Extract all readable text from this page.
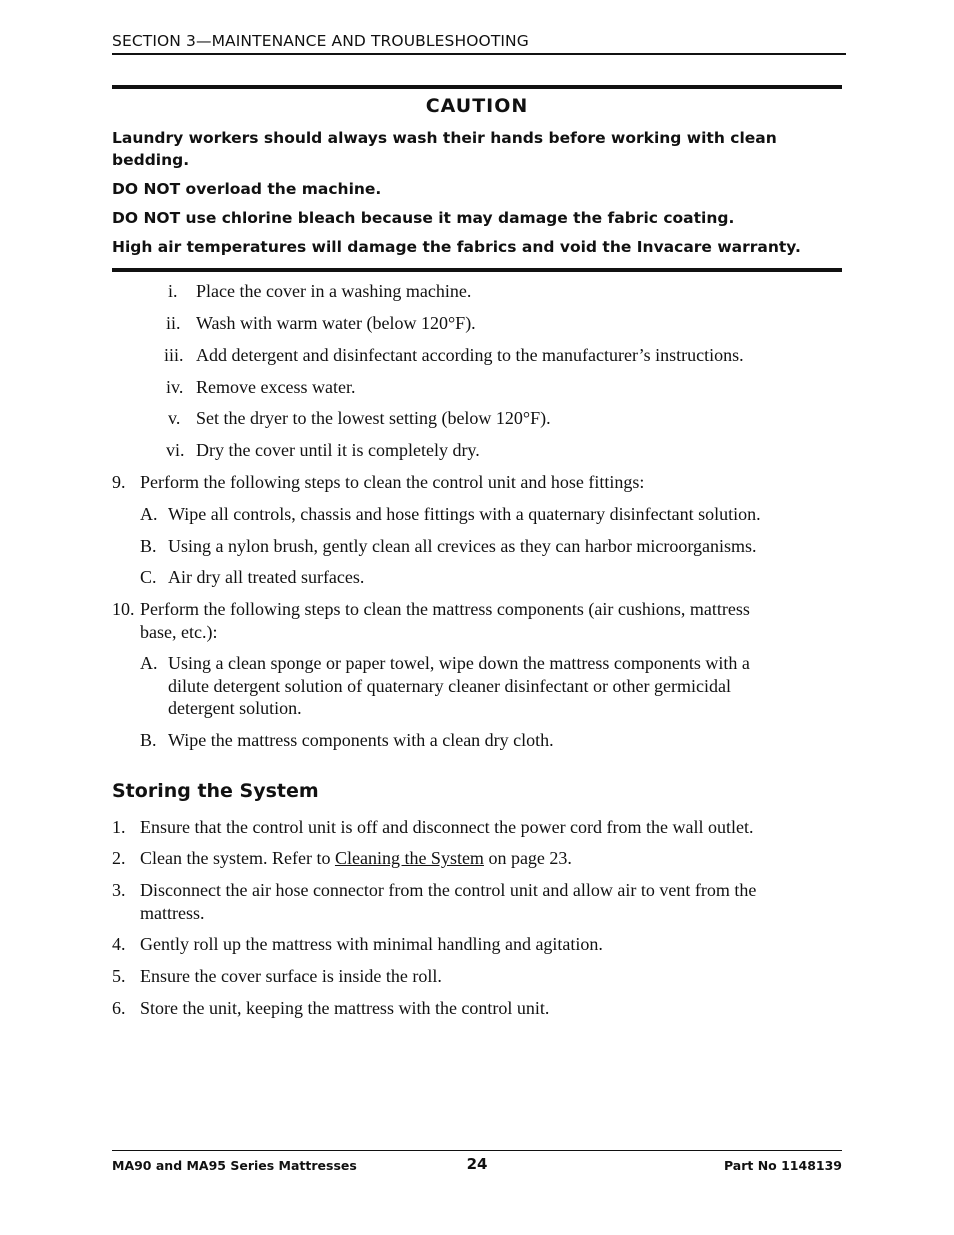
SECTION 3—MAINTENANCE AND TROUBLESHOOTING
CAUTION

Laundry workers should always wash their hands before working with clean bedding.

DO NOT overload the machine.

DO NOT use chlorine bleach because it may damage the fabric coating.

High air temperatures will damage the fabrics and void the Invacare warranty.

i. Place the cover in a washing machine.
ii. Wash with warm water (below 120°F).
iii. Add detergent and disinfectant according to the manufacturer’s instructions.
iv. Remove excess water.
v. Set the dryer to the lowest setting (below 120°F).
vi. Dry the cover until it is completely dry.
9. Perform the following steps to clean the control unit and hose fittings:
A. Wipe all controls, chassis and hose fittings with a quaternary disinfectant solution.
B. Using a nylon brush, gently clean all crevices as they can harbor microorganisms.
C. Air dry all treated surfaces.
10. Perform the following steps to clean the mattress components (air cushions, mattress
base, etc.):
A. Using a clean sponge or paper towel, wipe down the mattress components with a
dilute detergent solution of quaternary cleaner disinfectant or other germicidal
detergent solution.
B. Wipe the mattress components with a clean dry cloth.
Storing the System
1. Ensure that the control unit is off and disconnect the power cord from the wall outlet.
2. Clean the system. Refer to Cleaning the System on page 23.
3. Disconnect the air hose connector from the control unit and allow air to vent from the
mattress.
4. Gently roll up the mattress with minimal handling and agitation.
5. Ensure the cover surface is inside the roll.
6. Store the unit, keeping the mattress with the control unit.
MA90 and MA95 Series Mattresses	24	Part No 1148139
